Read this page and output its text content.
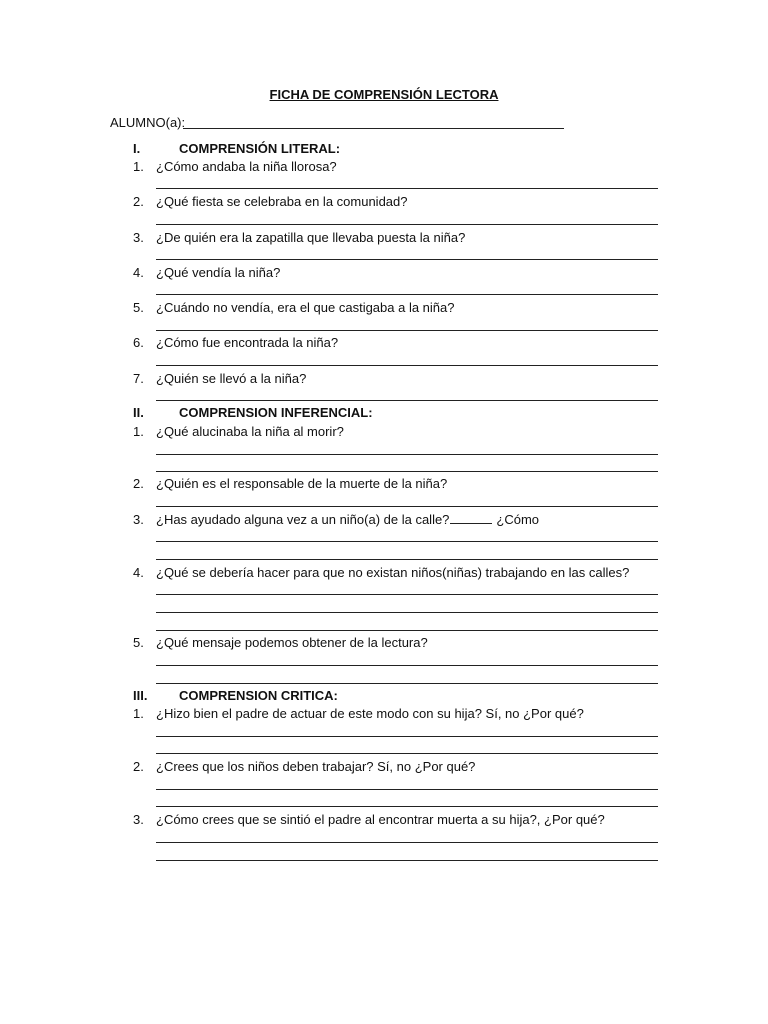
FICHA DE COMPRENSIÓN LECTORA
ALUMNO(a):
I.	COMPRENSIÓN LITERAL:
1. ¿Cómo andaba la niña llorosa?
2. ¿Qué fiesta se celebraba en la comunidad?
3. ¿De quién era la zapatilla que llevaba puesta la niña?
4. ¿Qué vendía la niña?
5. ¿Cuándo no vendía, era el que castigaba a la niña?
6. ¿Cómo fue encontrada la niña?
7. ¿Quién se llevó a la niña?
II.	COMPRENSION INFERENCIAL:
1. ¿Qué alucinaba la niña al morir?
2. ¿Quién es el responsable de la muerte de la niña?
3. ¿Has ayudado alguna vez a un niño(a) de la calle?	¿Cómo
4. ¿Qué se debería hacer para que no existan niños(niñas) trabajando en las calles?
5. ¿Qué mensaje podemos obtener de la lectura?
III. COMPRENSION CRITICA:
1. ¿Hizo bien el padre de actuar de este modo con su hija? Sí, no ¿Por qué?
2. ¿Crees que los niños deben trabajar? Sí, no ¿Por qué?
3. ¿Cómo crees que se sintió el padre al encontrar muerta a su hija?, ¿Por qué?
